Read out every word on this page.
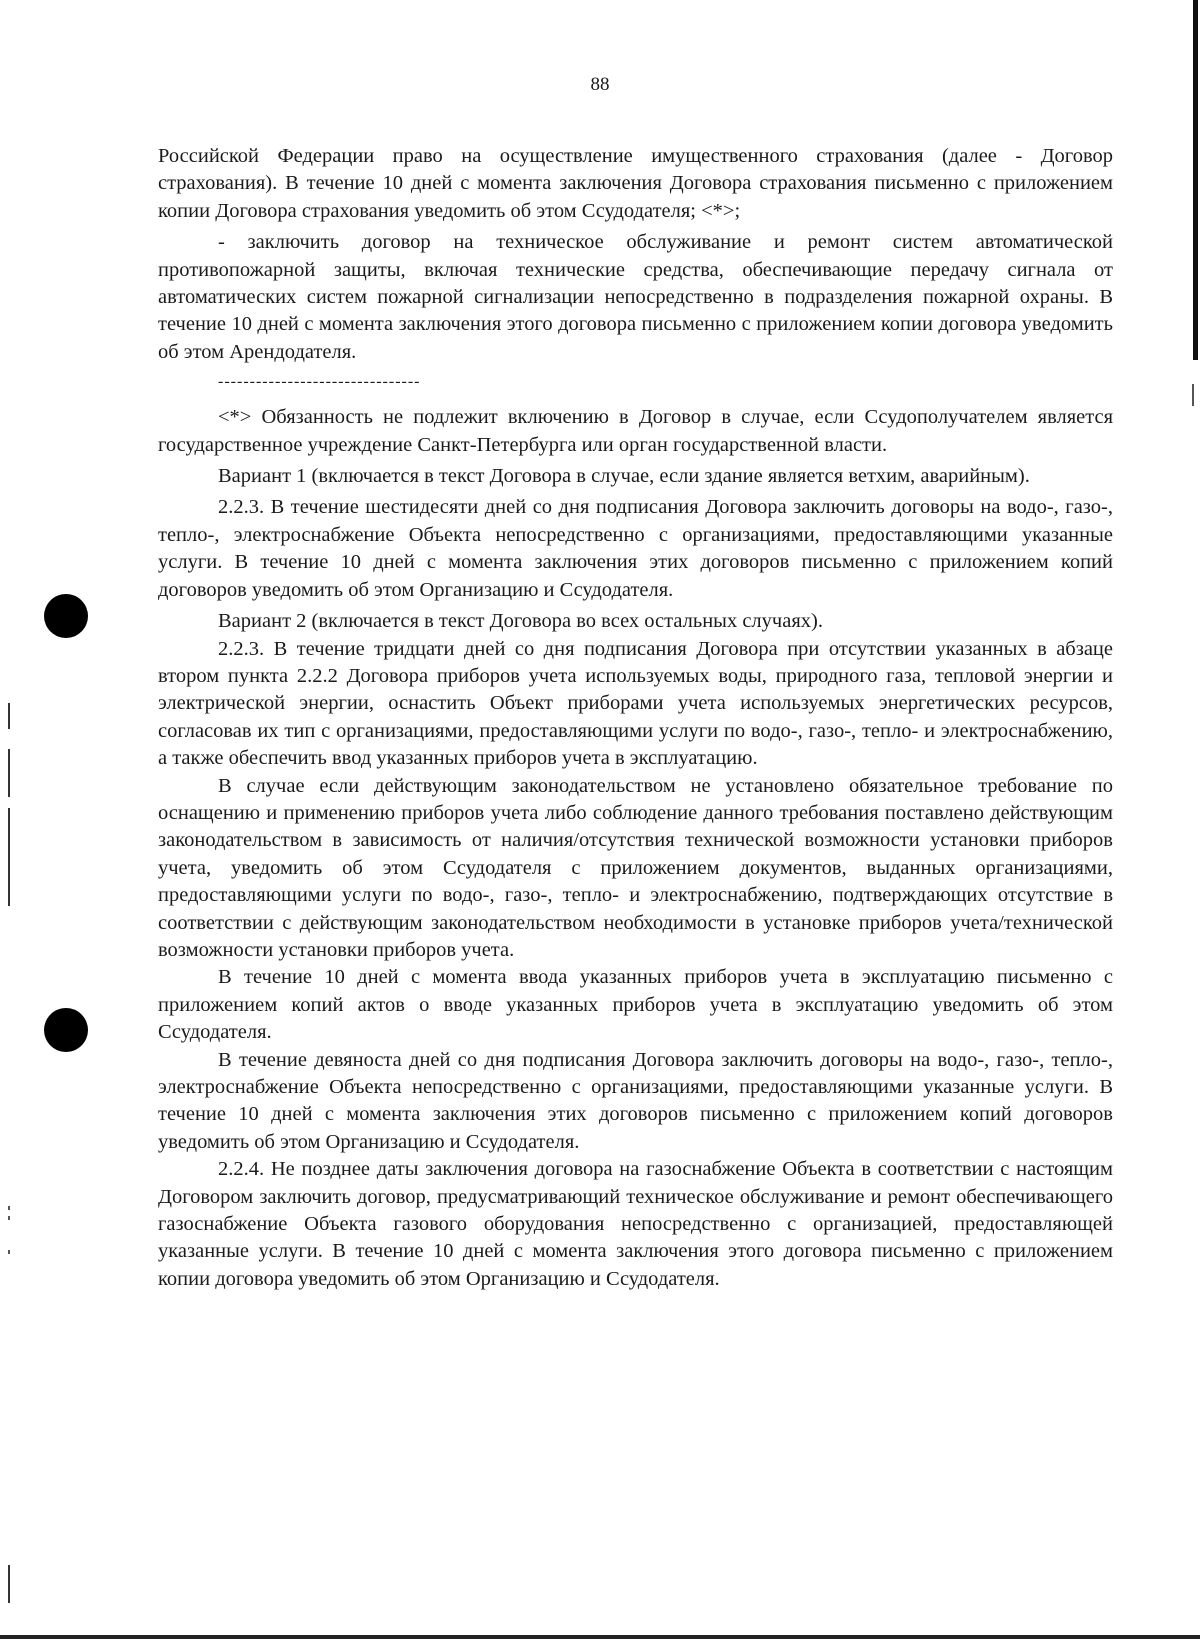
88

Российской Федерации право на осуществление имущественного страхования (далее - Договор страхования). В течение 10 дней с момента заключения Договора страхования письменно с приложением копии Договора страхования уведомить об этом Ссудодателя; <*>;

- заключить договор на техническое обслуживание и ремонт систем автоматической противопожарной защиты, включая технические средства, обеспечивающие передачу сигнала от автоматических систем пожарной сигнализации непосредственно в подразделения пожарной охраны. В течение 10 дней с момента заключения этого договора письменно с приложением копии договора уведомить об этом Арендодателя.

--------------------------------

<*> Обязанность не подлежит включению в Договор в случае, если Ссудополучателем является государственное учреждение Санкт-Петербурга или орган государственной власти.

Вариант 1 (включается в текст Договора в случае, если здание является ветхим, аварийным).

2.2.3. В течение шестидесяти дней со дня подписания Договора заключить договоры на водо-, газо-, тепло-, электроснабжение Объекта непосредственно с организациями, предоставляющими указанные услуги. В течение 10 дней с момента заключения этих договоров письменно с приложением копий договоров уведомить об этом Организацию и Ссудодателя.

Вариант 2 (включается в текст Договора во всех остальных случаях).

2.2.3. В течение тридцати дней со дня подписания Договора при отсутствии указанных в абзаце втором пункта 2.2.2 Договора приборов учета используемых воды, природного газа, тепловой энергии и электрической энергии, оснастить Объект приборами учета используемых энергетических ресурсов, согласовав их тип с организациями, предоставляющими услуги по водо-, газо-, тепло- и электроснабжению, а также обеспечить ввод указанных приборов учета в эксплуатацию.

В случае если действующим законодательством не установлено обязательное требование по оснащению и применению приборов учета либо соблюдение данного требования поставлено действующим законодательством в зависимость от наличия/отсутствия технической возможности установки приборов учета, уведомить об этом Ссудодателя с приложением документов, выданных организациями, предоставляющими услуги по водо-, газо-, тепло- и электроснабжению, подтверждающих отсутствие в соответствии с действующим законодательством необходимости в установке приборов учета/технической возможности установки приборов учета.

В течение 10 дней с момента ввода указанных приборов учета в эксплуатацию письменно с приложением копий актов о вводе указанных приборов учета в эксплуатацию уведомить об этом Ссудодателя.

В течение девяноста дней со дня подписания Договора заключить договоры на водо-, газо-, тепло-, электроснабжение Объекта непосредственно с организациями, предоставляющими указанные услуги. В течение 10 дней с момента заключения этих договоров письменно с приложением копий договоров уведомить об этом Организацию и Ссудодателя.

2.2.4. Не позднее даты заключения договора на газоснабжение Объекта в соответствии с настоящим Договором заключить договор, предусматривающий техническое обслуживание и ремонт обеспечивающего газоснабжение Объекта газового оборудования непосредственно с организацией, предоставляющей указанные услуги. В течение 10 дней с момента заключения этого договора письменно с приложением копии договора уведомить об этом Организацию и Ссудодателя.
